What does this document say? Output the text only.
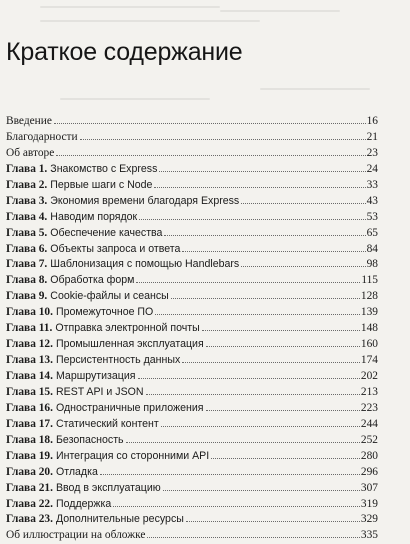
Краткое содержание
Введение	16
Благодарности	21
Об авторе	23
Глава 1. Знакомство с Express	24
Глава 2. Первые шаги с Node	33
Глава 3. Экономия времени благодаря Express	43
Глава 4. Наводим порядок	53
Глава 5. Обеспечение качества	65
Глава 6. Объекты запроса и ответа	84
Глава 7. Шаблонизация с помощью Handlebars	98
Глава 8. Обработка форм	115
Глава 9. Cookie-файлы и сеансы	128
Глава 10. Промежуточное ПО	139
Глава 11. Отправка электронной почты	148
Глава 12. Промышленная эксплуатация	160
Глава 13. Персистентность данных	174
Глава 14. Маршрутизация	202
Глава 15. REST API и JSON	213
Глава 16. Одностраничные приложения	223
Глава 17. Статический контент	244
Глава 18. Безопасность	252
Глава 19. Интеграция со сторонними API	280
Глава 20. Отладка	296
Глава 21. Ввод в эксплуатацию	307
Глава 22. Поддержка	319
Глава 23. Дополнительные ресурсы	329
Об иллюстрации на обложке	335
